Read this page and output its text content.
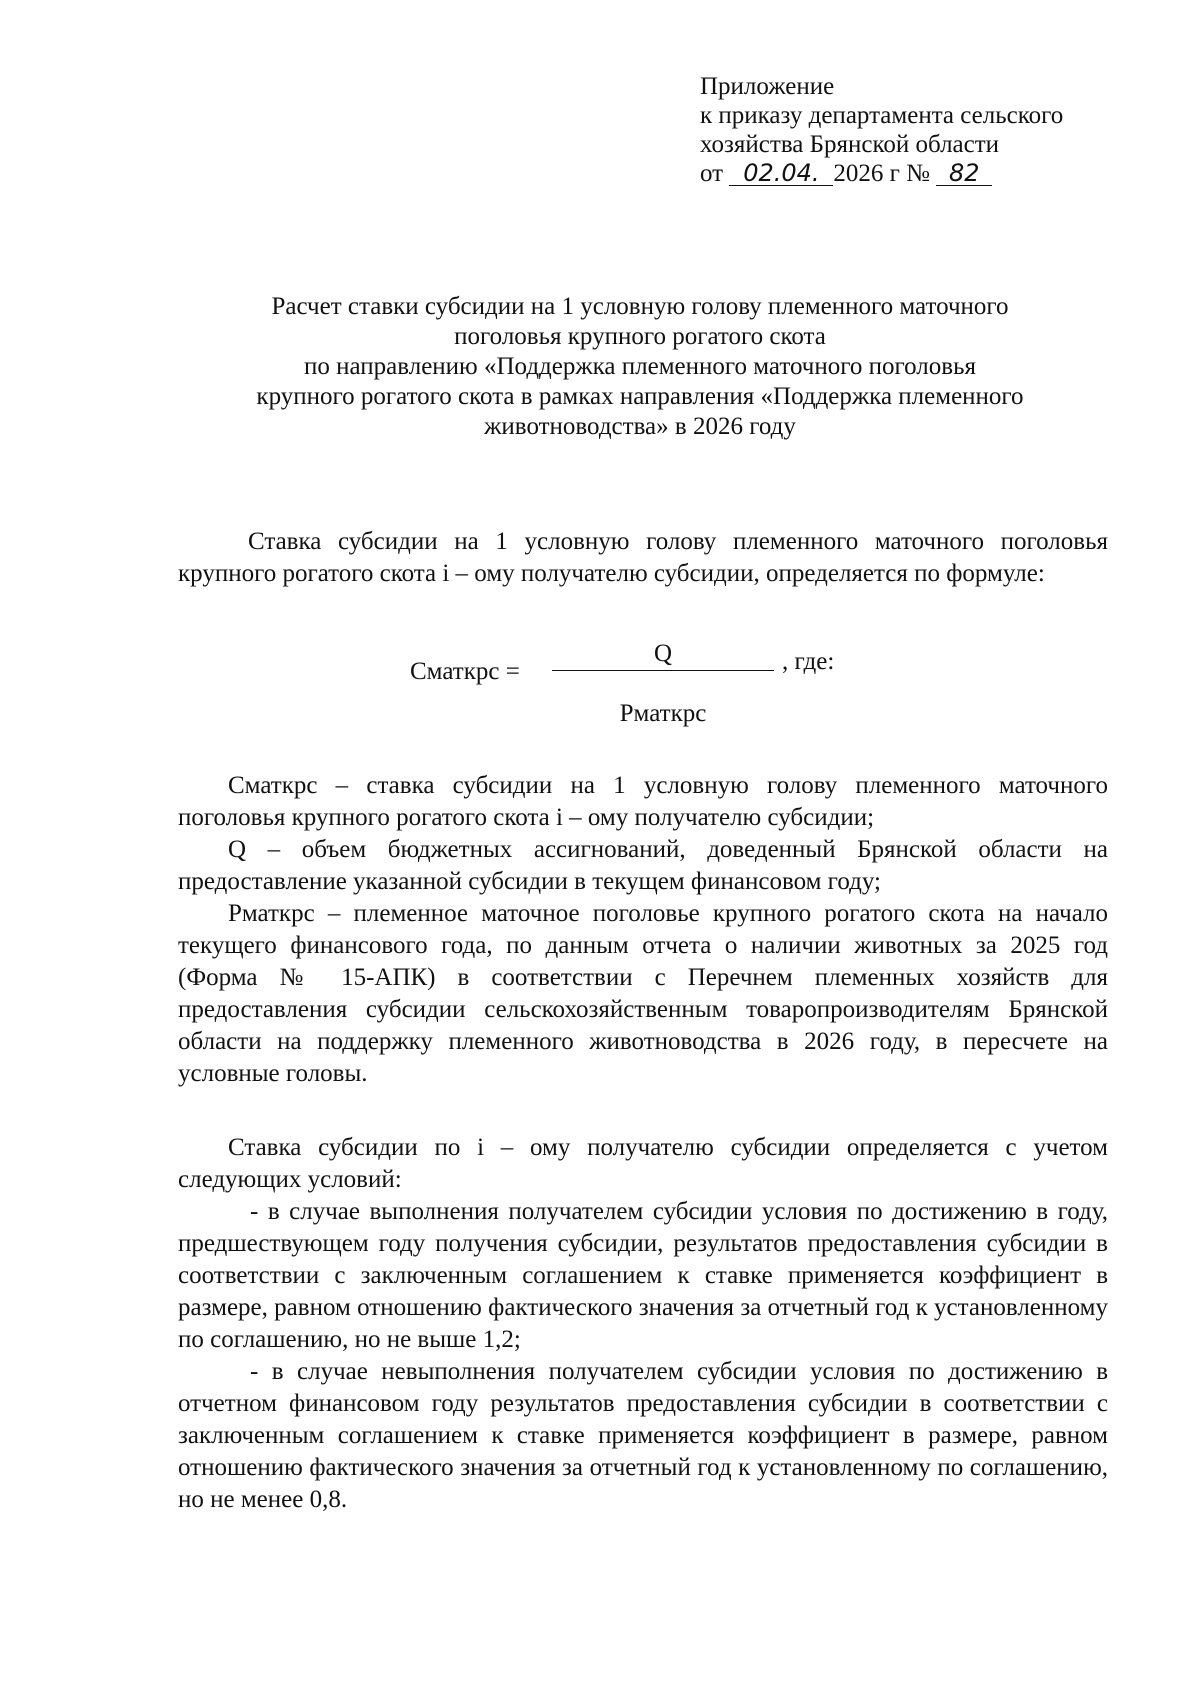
Приложение
к приказу департамента сельского
хозяйства Брянской области
от 02.04. 2026 г № 82
Расчет ставки субсидии на 1 условную голову племенного маточного
поголовья крупного рогатого скота
по направлению «Поддержка племенного маточного поголовья
крупного рогатого скота в рамках направления «Поддержка племенного
животноводства» в 2026 году

Ставка субсидии на 1 условную голову племенного маточного поголовья крупного рогатого скота i – ому получателю субсидии, определяется по формуле:

Сматкрс =
Q
Рматкрс
, где:

Сматкрс – ставка субсидии на 1 условную голову племенного маточного поголовья крупного рогатого скота i – ому получателю субсидии;

Q – объем бюджетных ассигнований, доведенный Брянской области на предоставление указанной субсидии в текущем финансовом году;

Рматкрс – племенное маточное поголовье крупного рогатого скота на начало текущего финансового года, по данным отчета о наличии животных за 2025 год (Форма № 15-АПК) в соответствии с Перечнем племенных хозяйств для предоставления субсидии сельскохозяйственным товаропроизводителям Брянской области на поддержку племенного животноводства в 2026 году, в пересчете на условные головы.

Ставка субсидии по i – ому получателю субсидии определяется с учетом следующих условий:

- в случае выполнения получателем субсидии условия по достижению в году, предшествующем году получения субсидии, результатов предоставления субсидии в соответствии с заключенным соглашением к ставке применяется коэффициент в размере, равном отношению фактического значения за отчетный год к установленному по соглашению, но не выше 1,2;

- в случае невыполнения получателем субсидии условия по достижению в отчетном финансовом году результатов предоставления субсидии в соответствии с заключенным соглашением к ставке применяется коэффициент в размере, равном отношению фактического значения за отчетный год к установленному по соглашению, но не менее 0,8.
